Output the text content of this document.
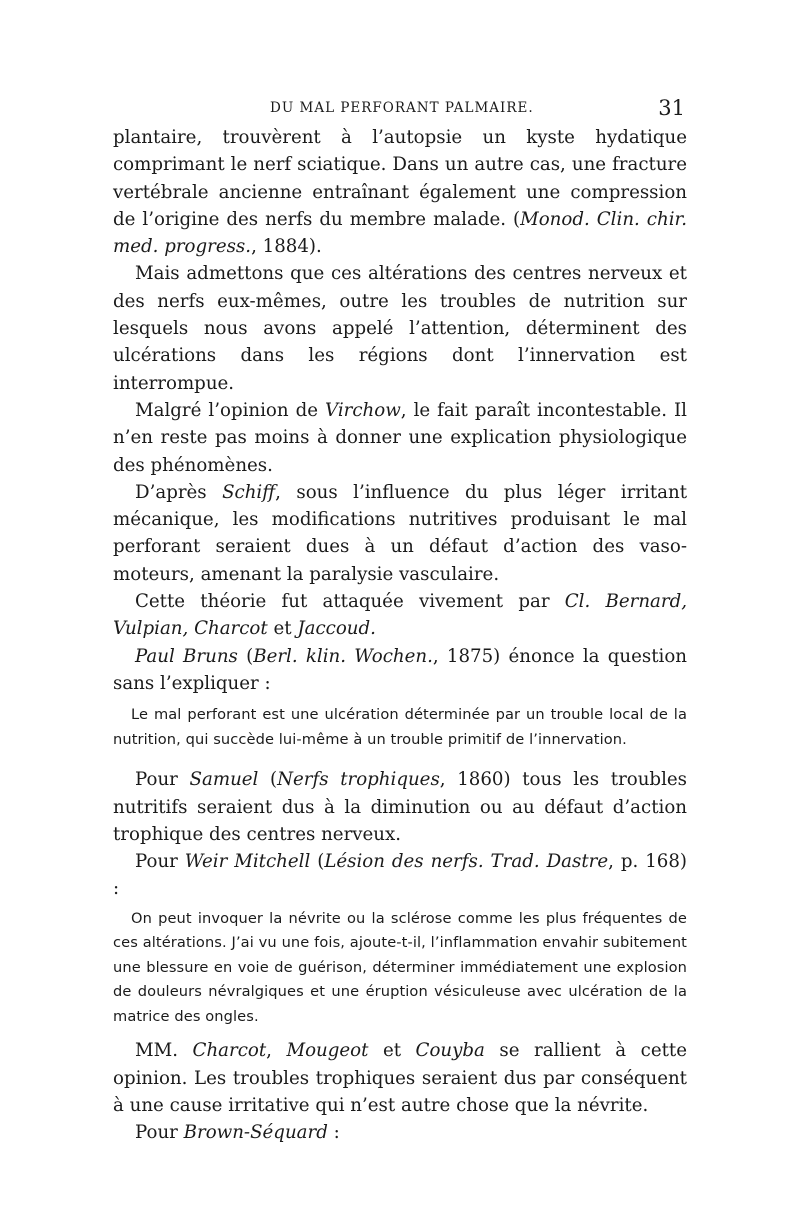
DU MAL PERFORANT PALMAIRE.	31

plantaire, trouvèrent à l’autopsie un kyste hydatique comprimant le nerf sciatique. Dans un autre cas, une fracture vertébrale ancienne entraînant également une compression de l’origine des nerfs du membre malade. (Monod. Clin. chir. med. progress., 1884).

Mais admettons que ces altérations des centres nerveux et des nerfs eux-mêmes, outre les troubles de nutrition sur lesquels nous avons appelé l’attention, déterminent des ulcérations dans les régions dont l’innervation est interrompue.

Malgré l’opinion de Virchow, le fait paraît incontestable. Il n’en reste pas moins à donner une explication physiologique des phénomènes.

D’après Schiff, sous l’influence du plus léger irritant mécanique, les modifications nutritives produisant le mal perforant seraient dues à un défaut d’action des vaso-moteurs, amenant la paralysie vasculaire.

Cette théorie fut attaquée vivement par Cl. Bernard, Vulpian, Charcot et Jaccoud.

Paul Bruns (Berl. klin. Wochen., 1875) énonce la question sans l’expliquer :

Le mal perforant est une ulcération déterminée par un trouble local de la nutrition, qui succède lui-même à un trouble primitif de l’innervation.

Pour Samuel (Nerfs trophiques, 1860) tous les troubles nutritifs seraient dus à la diminution ou au défaut d’action trophique des centres nerveux.

Pour Weir Mitchell (Lésion des nerfs. Trad. Dastre, p. 168) :

On peut invoquer la névrite ou la sclérose comme les plus fréquentes de ces altérations. J’ai vu une fois, ajoute-t-il, l’inflammation envahir subitement une blessure en voie de guérison, déterminer immédiatement une explosion de douleurs névralgiques et une éruption vésiculeuse avec ulcération de la matrice des ongles.

MM. Charcot, Mougeot et Couyba se rallient à cette opinion. Les troubles trophiques seraient dus par conséquent à une cause irritative qui n’est autre chose que la névrite.

Pour Brown-Séquard :
